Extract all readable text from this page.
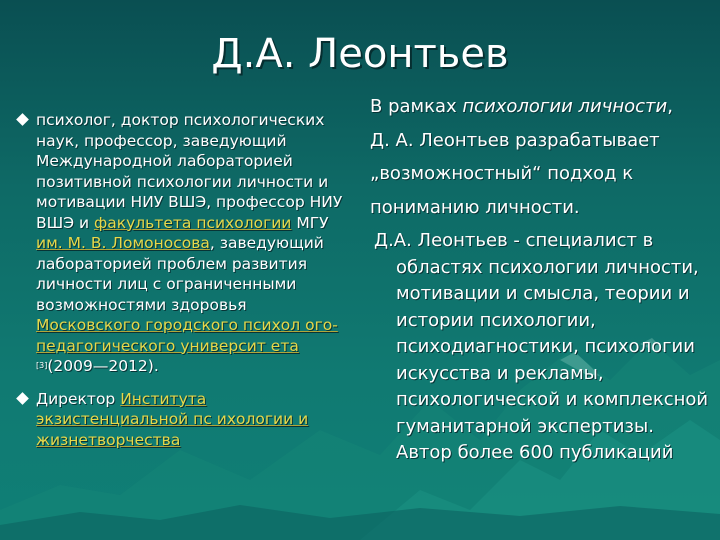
Д.А. Леонтьев
психолог, доктор психологических наук, профессор, заведующий Международной лабораторией позитивной психологии личности и мотивации НИУ ВШЭ, профессор НИУ ВШЭ и факультета психологии МГУ им. М. В. Ломоносова, заведующий лабораторией проблем развития личности лиц с ограниченными возможностями здоровья Московского городского психол ого-педагогического университ ета
[3](2009—2012).
Директор Института экзистенциальной пс ихологии и жизнетворчества
В рамках психологии личности,
Д. А. Леонтьев разрабатывает
„возможностный“ подход к
пониманию личности.
Д.А. Леонтьев - специалист в областях психологии личности, мотивации и смысла, теории и истории психологии, психодиагностики, психологии искусства и рекламы, психологической и комплексной гуманитарной экспертизы. Автор более 600 публикаций
